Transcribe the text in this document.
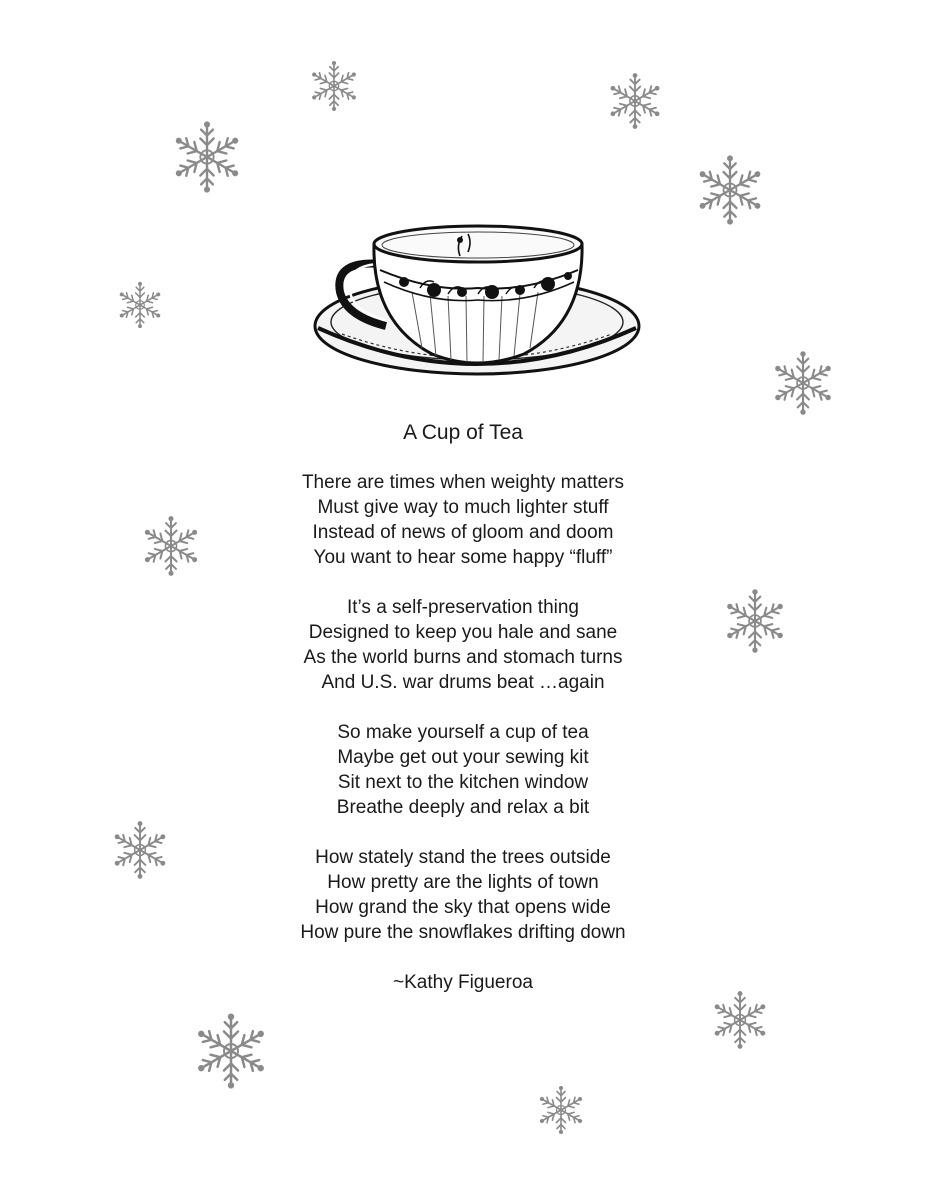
A Cup of Tea
There are times when weighty matters
Must give way to much lighter stuff
Instead of news of gloom and doom
You want to hear some happy “fluff”
It’s a self-preservation thing
Designed to keep you hale and sane
As the world burns and stomach turns
And U.S. war drums beat …again
So make yourself a cup of tea
Maybe get out your sewing kit
Sit next to the kitchen window
Breathe deeply and relax a bit
How stately stand the trees outside
How pretty are the lights of town
How grand the sky that opens wide
How pure the snowflakes drifting down
~Kathy Figueroa
